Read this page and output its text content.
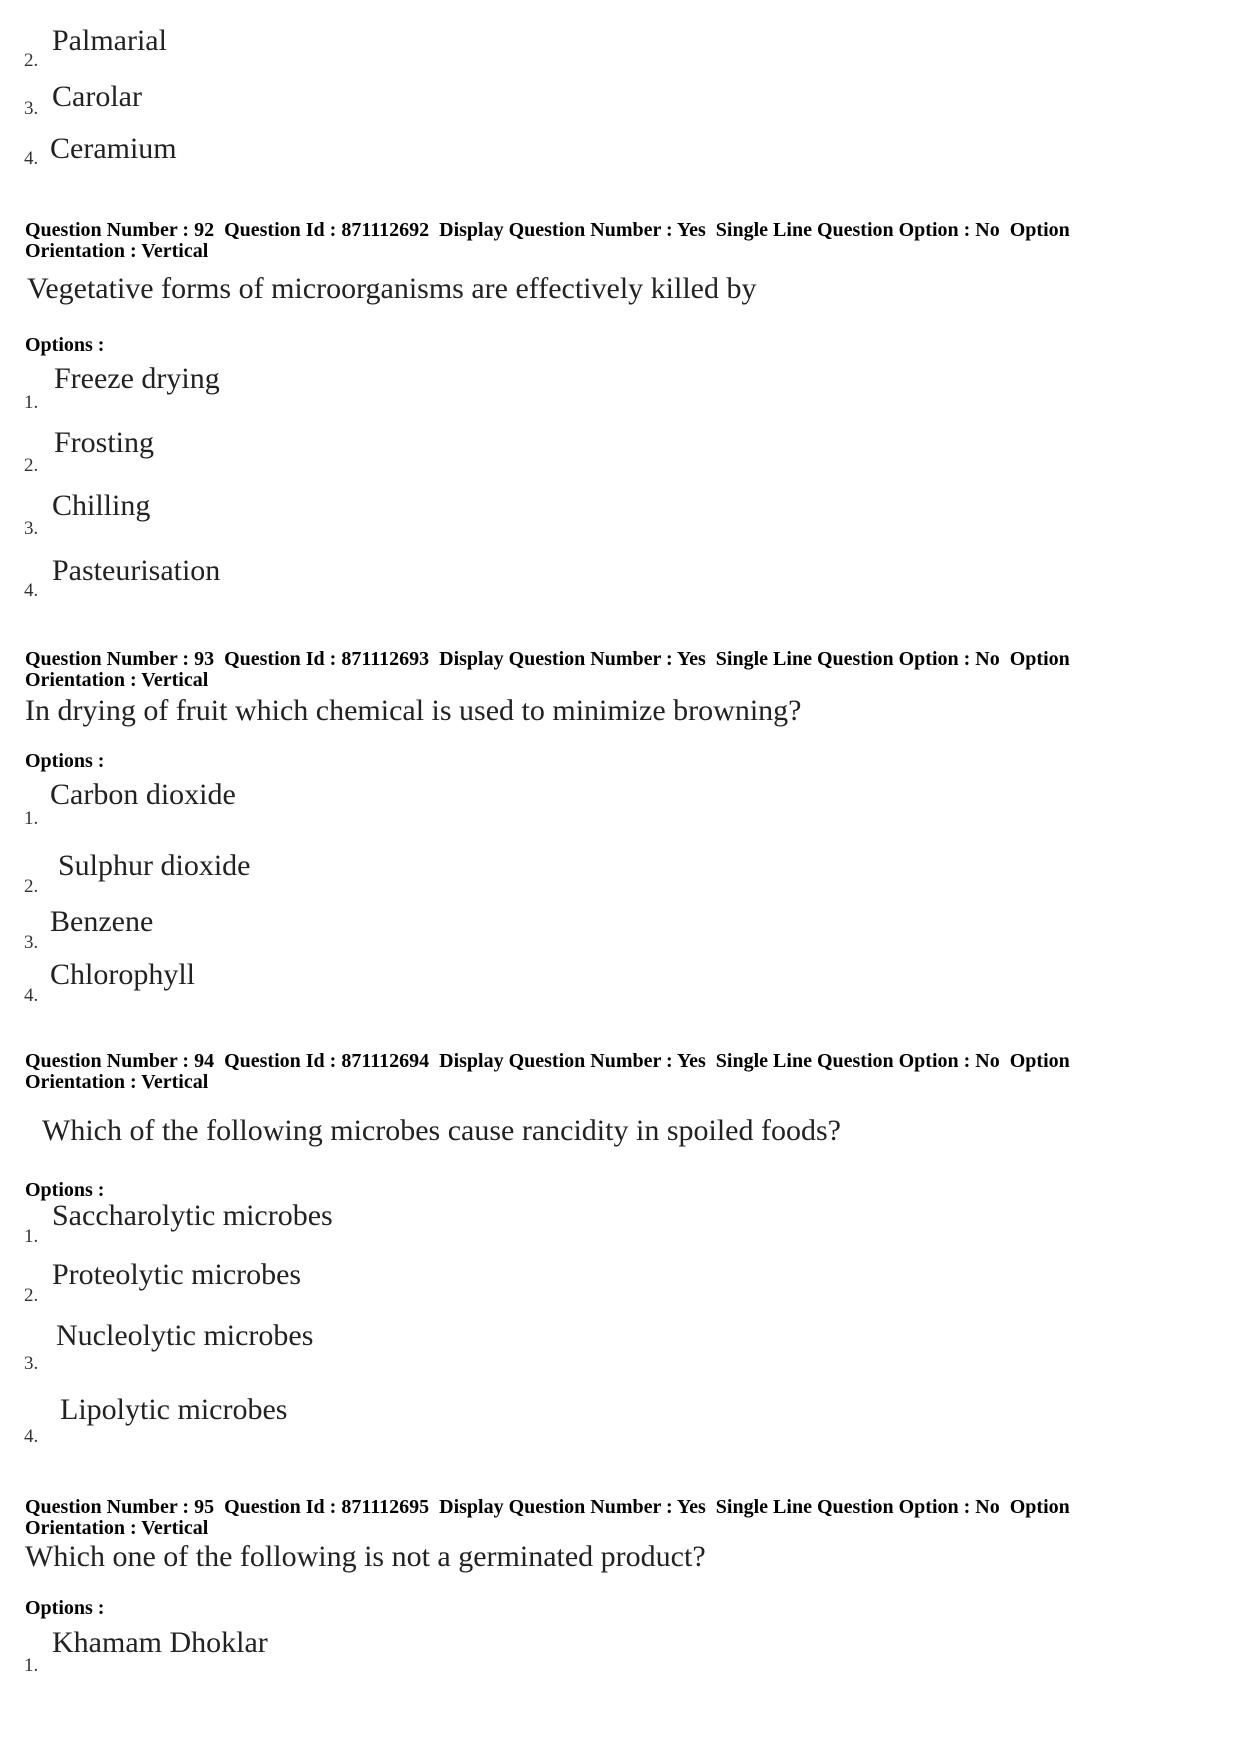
2.
Palmarial
3. Carolar
4. Ceramium
Question Number : 92  Question Id : 871112692  Display Question Number : Yes  Single Line Question Option : No  Option Orientation : Vertical
Vegetative forms of microorganisms are effectively killed by
Options :
1.
Freeze drying
2.
Frosting
3.
Chilling
4.
Pasteurisation
Question Number : 93  Question Id : 871112693  Display Question Number : Yes  Single Line Question Option : No  Option Orientation : Vertical
In drying of fruit which chemical is used to minimize browning?
Options :
1.
Carbon dioxide
2.
Sulphur dioxide
3.
Benzene
4.
Chlorophyll
Question Number : 94  Question Id : 871112694  Display Question Number : Yes  Single Line Question Option : No  Option Orientation : Vertical
Which of the following microbes cause rancidity in spoiled foods?
Options :
1.
Saccharolytic microbes
2.
Proteolytic microbes
3.
Nucleolytic microbes
4.
Lipolytic microbes
Question Number : 95  Question Id : 871112695  Display Question Number : Yes  Single Line Question Option : No  Option Orientation : Vertical
Which one of the following is not a germinated product?
Options :
1.
Khamam Dhoklar
